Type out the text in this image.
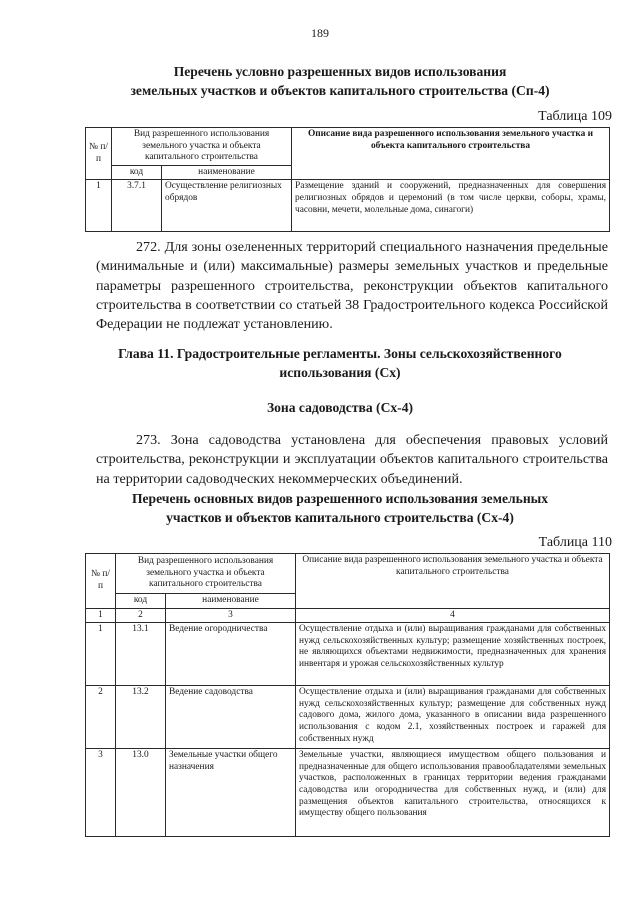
189
Перечень условно разрешенных видов использования
земельных участков и объектов капитального строительства (Сп-4)
Таблица 109
№ п/п	Вид разрешенного использования земельного участка и объекта капитального строительства		Описание вида разрешенного использования земельного участка и объекта капитального строительства
	код	наименование	
1	3.7.1	Осуществление религиозных обрядов	Размещение зданий и сооружений, предназначенных для совершения религиозных обрядов и церемоний (в том числе церкви, соборы, храмы, часовни, мечети, молельные дома, синагоги)
272. Для зоны озелененных территорий специального назначения предельные (минимальные и (или) максимальные) размеры земельных участков и предельные параметры разрешенного строительства, реконструкции объектов капитального строительства в соответствии со статьей 38 Градостроительного кодекса Российской Федерации не подлежат установлению.
Глава 11. Градостроительные регламенты. Зоны сельскохозяйственного
использования (Сх)
Зона садоводства (Сх-4)
273. Зона садоводства установлена для обеспечения правовых условий строительства, реконструкции и эксплуатации объектов капитального строительства на территории садоводческих некоммерческих объединений.
Перечень основных видов разрешенного использования земельных
участков и объектов капитального строительства (Сх-4)
Таблица 110
№ п/п	Вид разрешенного использования земельного участка и объекта капитального строительства		Описание вида разрешенного использования земельного участка и объекта капитального строительства
	код	наименование	
1	2	3	4
1	13.1	Ведение огородничества	Осуществление отдыха и (или) выращивания гражданами для собственных нужд сельскохозяйственных культур; размещение хозяйственных построек, не являющихся объектами недвижимости, предназначенных для хранения инвентаря и урожая сельскохозяйственных культур
2	13.2	Ведение садоводства	Осуществление отдыха и (или) выращивания гражданами для собственных нужд сельскохозяйственных культур; размещение для собственных нужд садового дома, жилого дома, указанного в описании вида разрешенного использования с кодом 2.1, хозяйственных построек и гаражей для собственных нужд
3	13.0	Земельные участки общего назначения	Земельные участки, являющиеся имуществом общего пользования и предназначенные для общего использования правообладателями земельных участков, расположенных в границах территории ведения гражданами садоводства или огородничества для собственных нужд, и (или) для размещения объектов капитального строительства, относящихся к имуществу общего пользования
